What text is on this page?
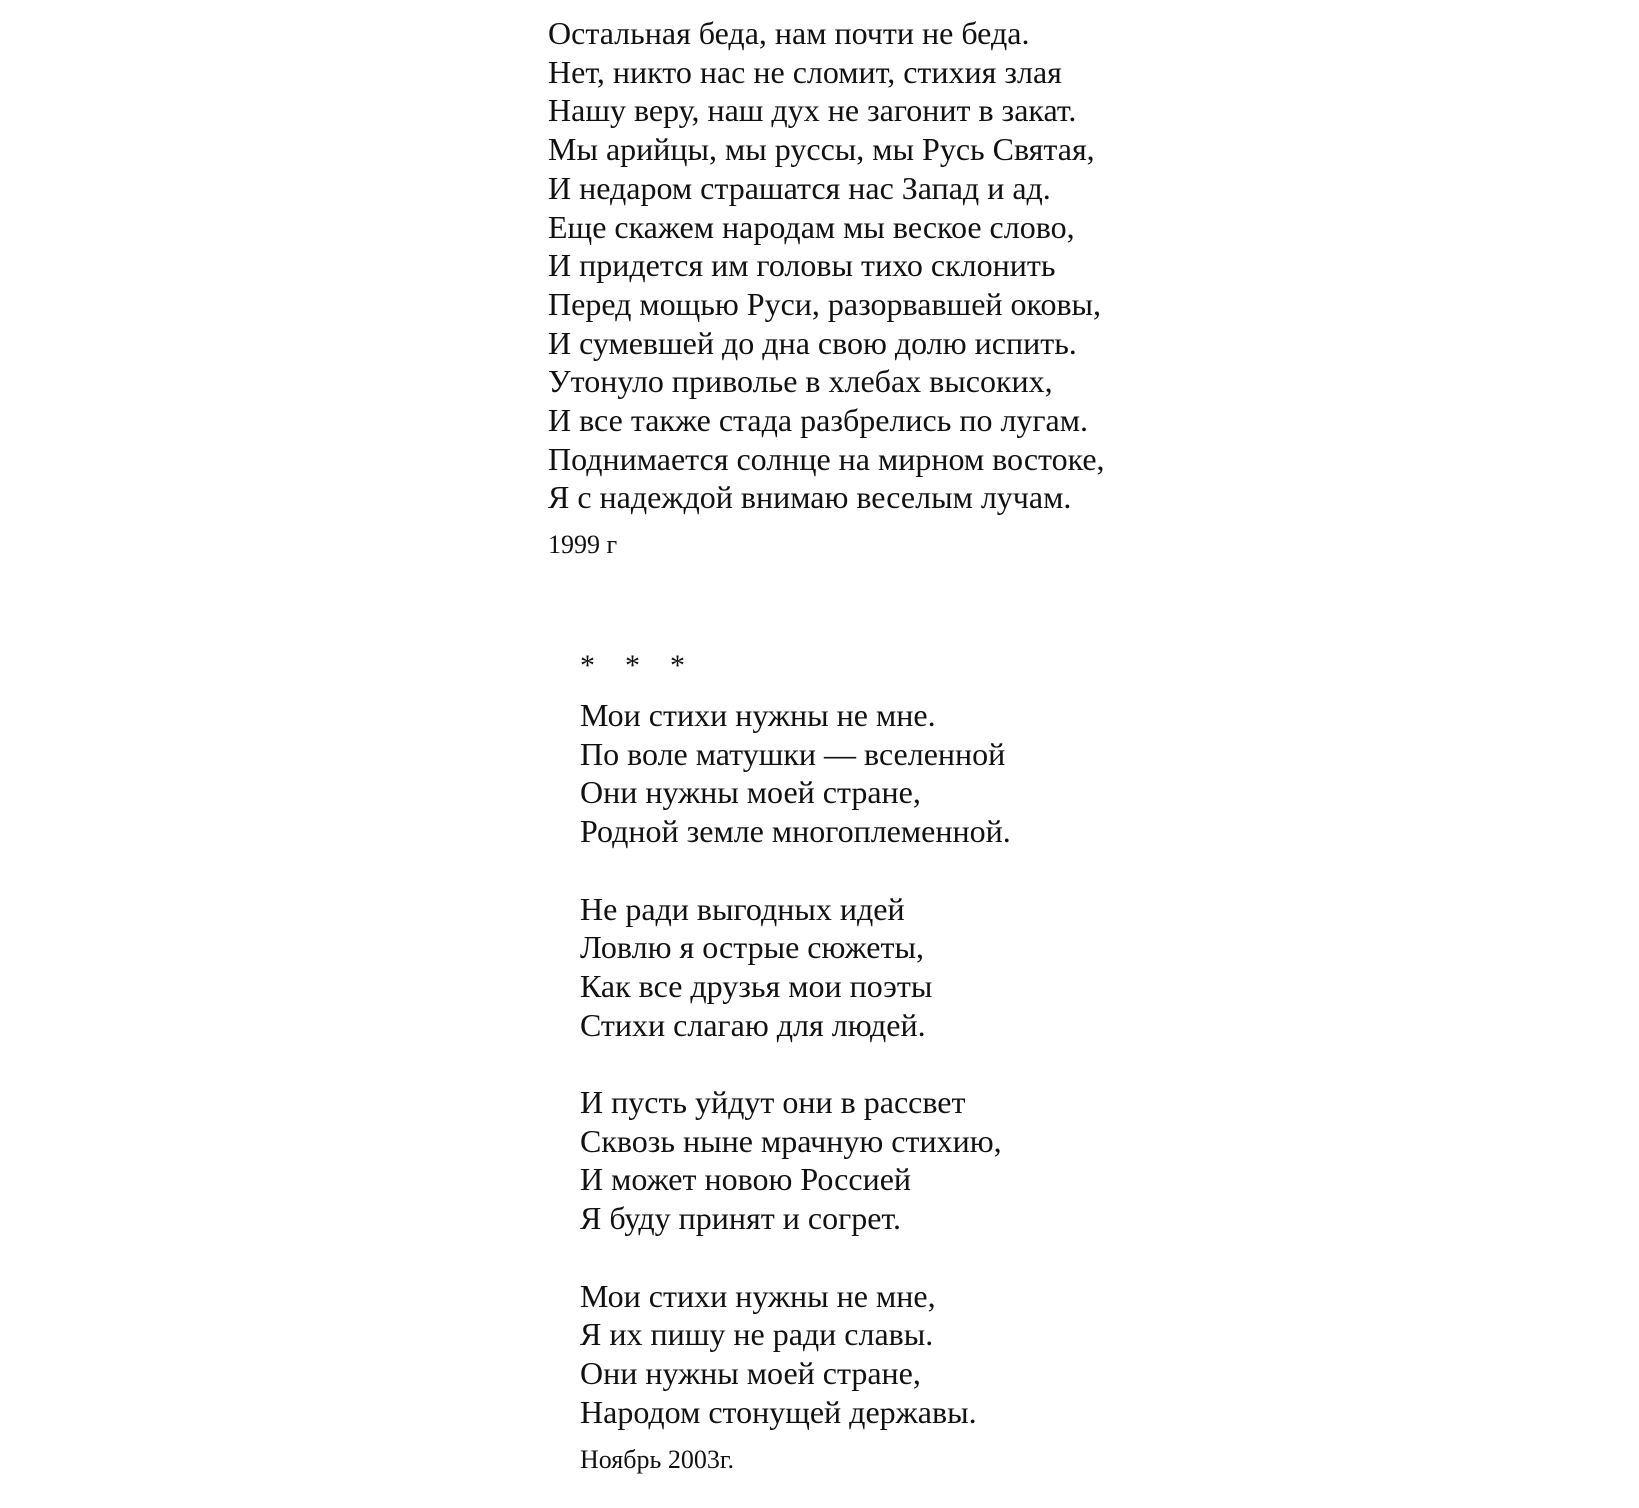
Остальная беда, нам почти не беда.
Нет, никто нас не сломит, стихия злая
Нашу веру, наш дух не загонит в закат.
Мы арийцы, мы руссы, мы Русь Святая,
И недаром страшатся нас Запад и ад.
Еще скажем народам мы веское слово,
И придется им головы тихо склонить
Перед мощью Руси, разорвавшей оковы,
И сумевшей до дна свою долю испить.
Утонуло приволье в хлебах высоких,
И все также стада разбрелись по лугам.
Поднимается солнце на мирном востоке,
Я с надеждой внимаю веселым лучам.
1999 г
*    *    *
Мои стихи нужны не мне.
По воле матушки — вселенной
Они нужны моей стране,
Родной земле многоплеменной.
Не ради выгодных идей
Ловлю я острые сюжеты,
Как все друзья мои поэты
Стихи слагаю для людей.
И пусть уйдут они в рассвет
Сквозь ныне мрачную стихию,
И может новою Россией
Я буду принят и согрет.
Мои стихи нужны не мне,
Я их пишу не ради славы.
Они нужны моей стране,
Народом стонущей державы.
Ноябрь 2003г.
